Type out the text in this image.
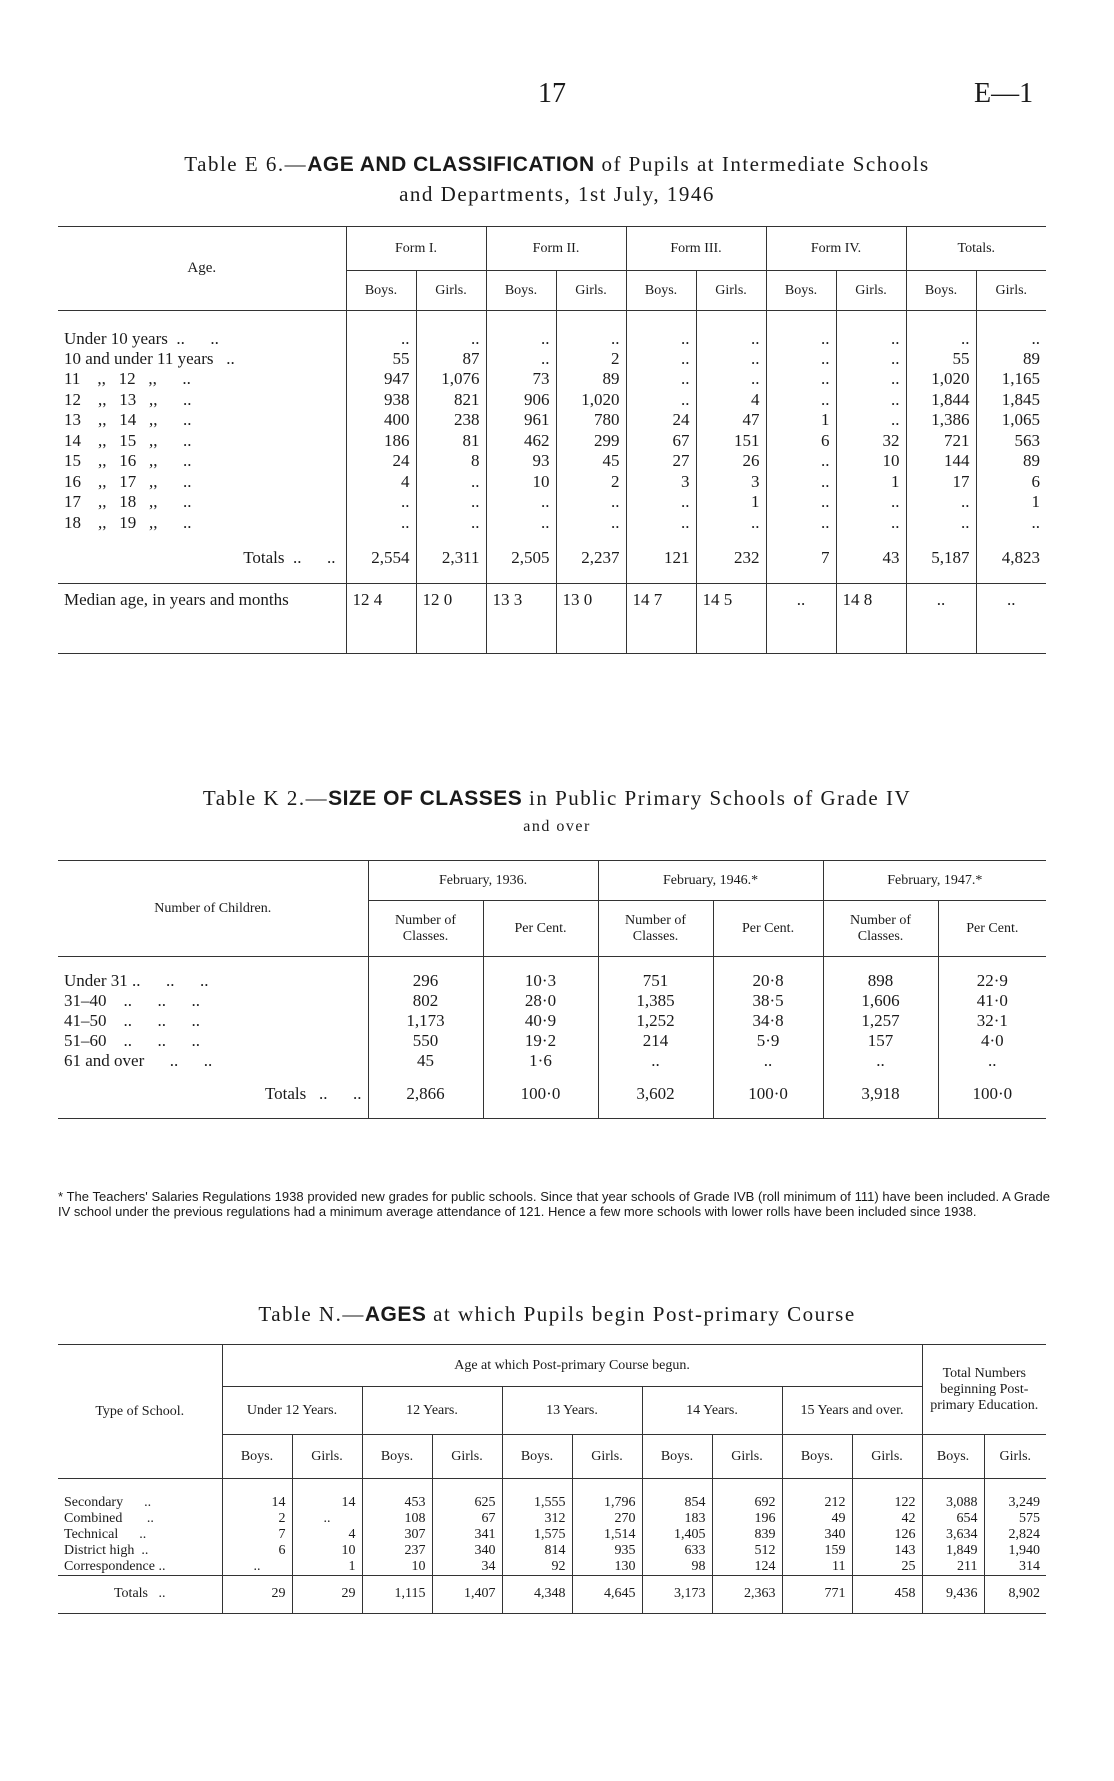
17	E—1
Table E 6.—AGE AND CLASSIFICATION of Pupils at Intermediate Schools
and Departments, 1st July, 1946
Age.	Form I.		Form II.		Form III.		Form IV.		Totals.	
	Boys.	Girls.	Boys.	Girls.	Boys.	Girls.	Boys.	Girls.	Boys.	Girls.
Under 10 years  ..      ..	..	..	..	..	..	..	..	..	..	..
10 and under 11 years   ..	55	87	..	2	..	..	..	..	55	89
11    ,,   12   ,,      ..	947	1,076	73	89	..	..	..	..	1,020	1,165
12    ,,   13   ,,      ..	938	821	906	1,020	..	4	..	..	1,844	1,845
13    ,,   14   ,,      ..	400	238	961	780	24	47	1	..	1,386	1,065
14    ,,   15   ,,      ..	186	81	462	299	67	151	6	32	721	563
15    ,,   16   ,,      ..	24	8	93	45	27	26	..	10	144	89
16    ,,   17   ,,      ..	4	..	10	2	3	3	..	1	17	6
17    ,,   18   ,,      ..	..	..	..	..	..	1	..	..	..	1
18    ,,   19   ,,      ..	..	..	..	..	..	..	..	..	..	..
Totals  ..      ..	2,554	2,311	2,505	2,237	121	232	7	43	5,187	4,823
Median age, in years and months	12 4	12 0	13 3	13 0	14 7	14 5	..	14 8	..	..
Table K 2.—SIZE OF CLASSES in Public Primary Schools of Grade IV
and over
Number of Children.	February, 1936.		February, 1946.*		February, 1947.*	
	Number of Classes.	Per Cent.	Number of Classes.	Per Cent.	Number of Classes.	Per Cent.
Under 31 ..      ..      ..	296	10·3	751	20·8	898	22·9
31–40    ..      ..      ..	802	28·0	1,385	38·5	1,606	41·0
41–50    ..      ..      ..	1,173	40·9	1,252	34·8	1,257	32·1
51–60    ..      ..      ..	550	19·2	214	5·9	157	4·0
61 and over      ..      ..	45	1·6	..	..	..	..
Totals   ..      ..	2,866	100·0	3,602	100·0	3,918	100·0
* The Teachers' Salaries Regulations 1938 provided new grades for public schools. Since that year schools of Grade IVB (roll minimum of 111) have been included. A Grade IV school under the previous regulations had a minimum average attendance of 121. Hence a few more schools with lower rolls have been included since 1938.
Table N.—AGES at which Pupils begin Post-primary Course
Type of School.	Age at which Post-primary Course begun.										Total Numbers beginning Post-primary Education.	
	Under 12 Years.		12 Years.		13 Years.		14 Years.		15 Years and over.			
	Boys.	Girls.	Boys.	Girls.	Boys.	Girls.	Boys.	Girls.	Boys.	Girls.	Boys.	Girls.
Secondary      ..	14	14	453	625	1,555	1,796	854	692	212	122	3,088	3,249
Combined       ..	2	..	108	67	312	270	183	196	49	42	654	575
Technical      ..	7	4	307	341	1,575	1,514	1,405	839	340	126	3,634	2,824
District high  ..	6	10	237	340	814	935	633	512	159	143	1,849	1,940
Correspondence ..	..	1	10	34	92	130	98	124	11	25	211	314
Totals   ..	29	29	1,115	1,407	4,348	4,645	3,173	2,363	771	458	9,436	8,902
